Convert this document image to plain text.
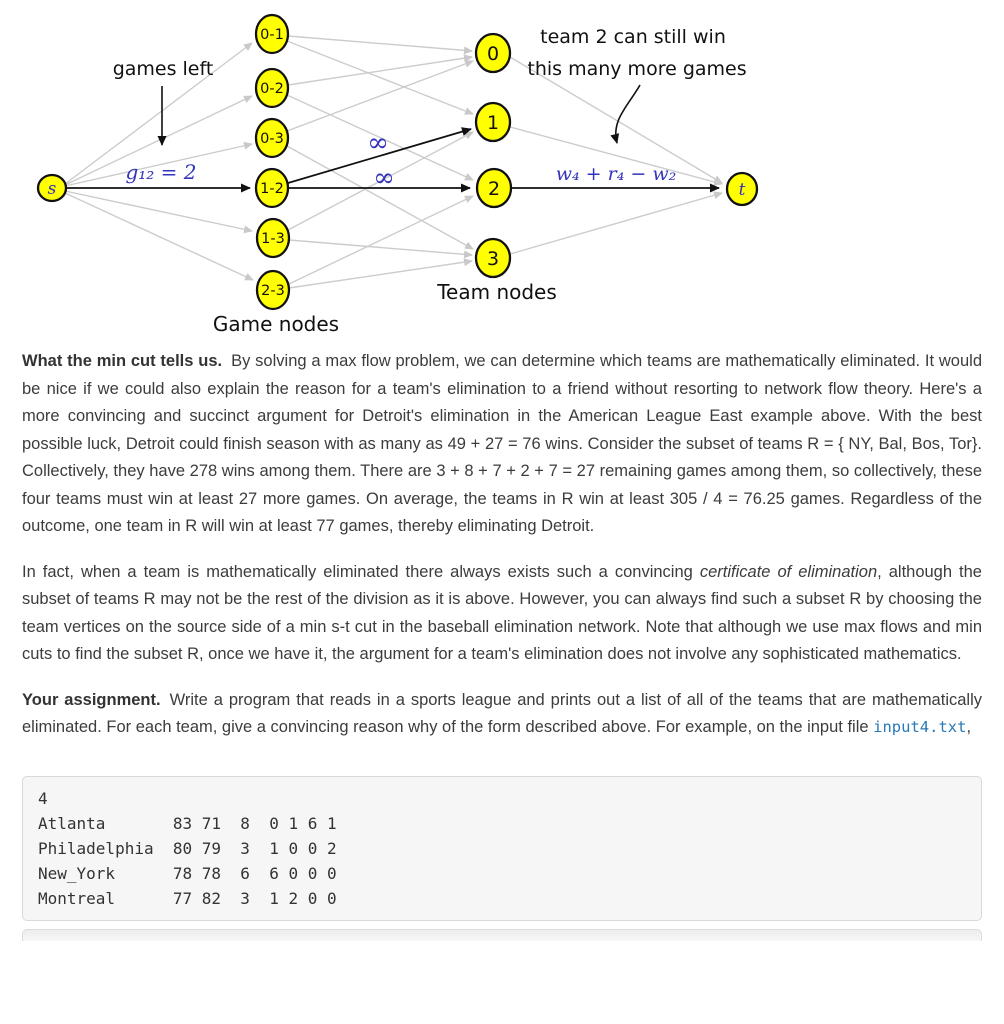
s	t
0-1
0-2
0-3
1-2
1-3
2-3
0
1
2
3
games left
g₁₂ = 2
∞
∞
team 2 can still win
this many more games
w₄ + r₄ − w₂
Team nodes
Game nodes

What the min cut tells us. By solving a max flow problem, we can determine which teams are mathematically eliminated. It would be nice if we could also explain the reason for a team's elimination to a friend without resorting to network flow theory. Here's a more convincing and succinct argument for Detroit's elimination in the American League East example above. With the best possible luck, Detroit could finish season with as many as 49 + 27 = 76 wins. Consider the subset of teams R = { NY, Bal, Bos, Tor}. Collectively, they have 278 wins among them. There are 3 + 8 + 7 + 2 + 7 = 27 remaining games among them, so collectively, these four teams must win at least 27 more games. On average, the teams in R win at least 305 / 4 = 76.25 games. Regardless of the outcome, one team in R will win at least 77 games, thereby eliminating Detroit.

In fact, when a team is mathematically eliminated there always exists such a convincing certificate of elimination, although the subset of teams R may not be the rest of the division as it is above. However, you can always find such a subset R by choosing the team vertices on the source side of a min s-t cut in the baseball elimination network. Note that although we use max flows and min cuts to find the subset R, once we have it, the argument for a team's elimination does not involve any sophisticated mathematics.

Your assignment. Write a program that reads in a sports league and prints out a list of all of the teams that are mathematically eliminated. For each team, give a convincing reason why of the form described above. For example, on the input file input4.txt,

4
Atlanta       83 71  8  0 1 6 1
Philadelphia  80 79  3  1 0 0 2
New_York      78 78  6  6 0 0 0
Montreal      77 82  3  1 2 0 0
